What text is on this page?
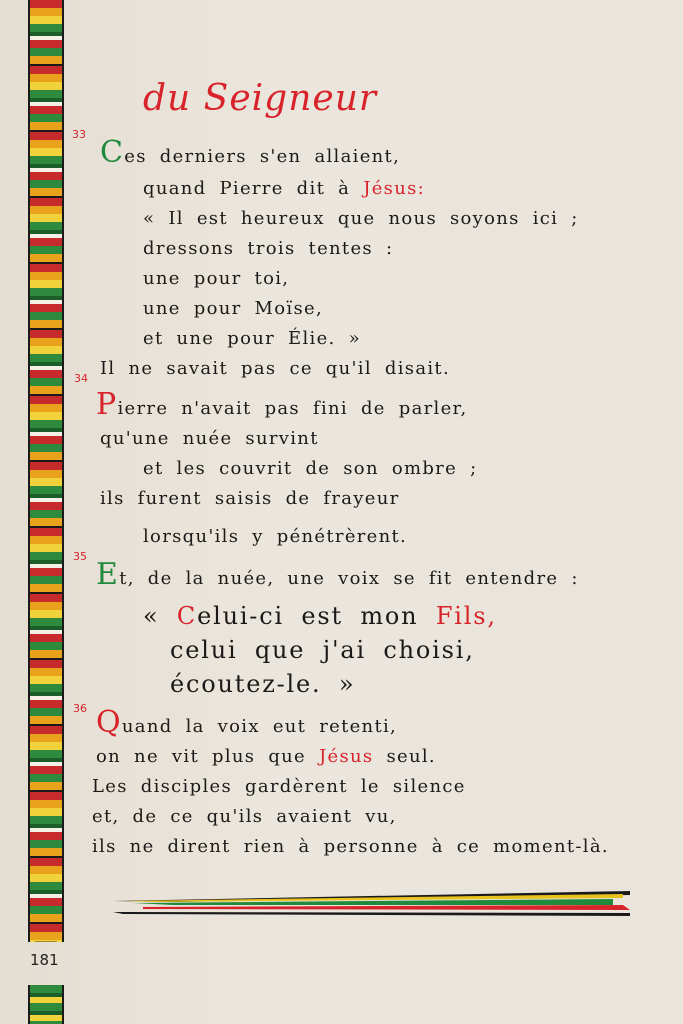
181
du Seigneur
33
Ces derniers s'en allaient,
quand Pierre dit à Jésus:
« Il est heureux que nous soyons ici ;
dressons trois tentes :
une pour toi,
une pour Moïse,
et une pour Élie. »
Il ne savait pas ce qu'il disait.
34
Pierre n'avait pas fini de parler,
qu'une nuée survint
et les couvrit de son ombre ;
ils furent saisis de frayeur
lorsqu'ils y pénétrèrent.
35
Et, de la nuée, une voix se fit entendre :
« Celui-ci est mon Fils,
celui que j'ai choisi,
écoutez-le. »
36 Quand la voix eut retenti,
on ne vit plus que Jésus seul.
Les disciples gardèrent le silence
et, de ce qu'ils avaient vu,
ils ne dirent rien à personne à ce moment-là.
